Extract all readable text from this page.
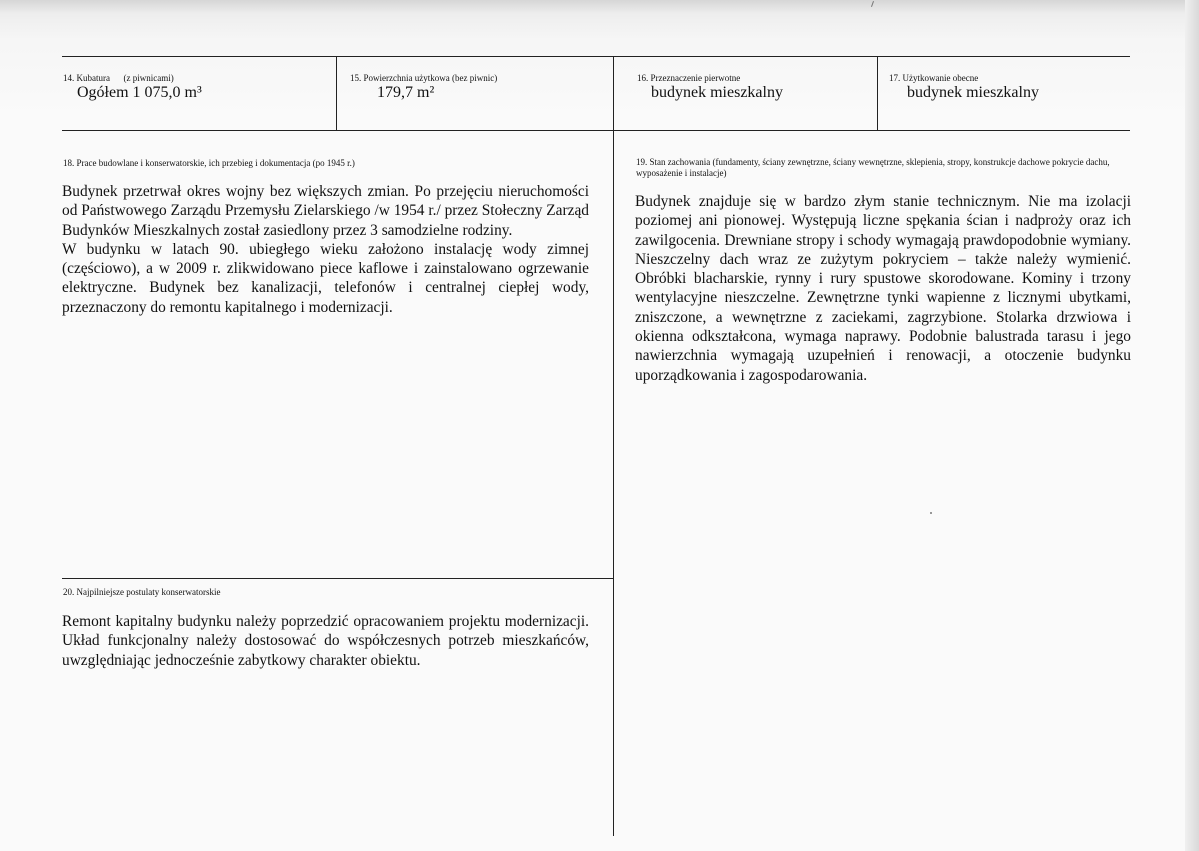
14. Kubatura (z piwnicami)
Ogółem 1 075,0 m³
15. Powierzchnia użytkowa (bez piwnic)
179,7 m²
16. Przeznaczenie pierwotne
budynek mieszkalny
17. Użytkowanie obecne
budynek mieszkalny
18. Prace budowlane i konserwatorskie, ich przebieg i dokumentacja (po 1945 r.)

Budynek przetrwał okres wojny bez większych zmian. Po przejęciu nieruchomości od Państwowego Zarządu Przemysłu Zielarskiego /w 1954 r./ przez Stołeczny Zarząd Budynków Mieszkalnych został zasiedlony przez 3 samodzielne rodziny.

W budynku w latach 90. ubiegłego wieku założono instalację wody zimnej (częściowo), a w 2009 r. zlikwidowano piece kaflowe i zainstalowano ogrzewanie elektryczne. Budynek bez kanalizacji, telefonów i centralnej ciepłej wody, przeznaczony do remontu kapitalnego i modernizacji.

19. Stan zachowania (fundamenty, ściany zewnętrzne, ściany wewnętrzne, sklepienia, stropy, konstrukcje dachowe pokrycie dachu, wyposażenie i instalacje)
Budynek znajduje się w bardzo złym stanie technicznym. Nie ma izolacji poziomej ani pionowej. Występują liczne spękania ścian i nadproży oraz ich zawilgocenia. Drewniane stropy i schody wymagają prawdopodobnie wymiany. Nieszczelny dach wraz ze zużytym pokryciem – także należy wymienić. Obróbki blacharskie, rynny i rury spustowe skorodowane. Kominy i trzony wentylacyjne nieszczelne. Zewnętrzne tynki wapienne z licznymi ubytkami, zniszczone, a wewnętrzne z zaciekami, zagrzybione. Stolarka drzwiowa i okienna odkształcona, wymaga naprawy. Podobnie balustrada tarasu i jego nawierzchnia wymagają uzupełnień i renowacji, a otoczenie budynku uporządkowania i zagospodarowania.
20. Najpilniejsze postulaty konserwatorskie
Remont kapitalny budynku należy poprzedzić opracowaniem projektu modernizacji. Układ funkcjonalny należy dostosować do współczesnych potrzeb mieszkańców, uwzględniając jednocześnie zabytkowy charakter obiektu.
